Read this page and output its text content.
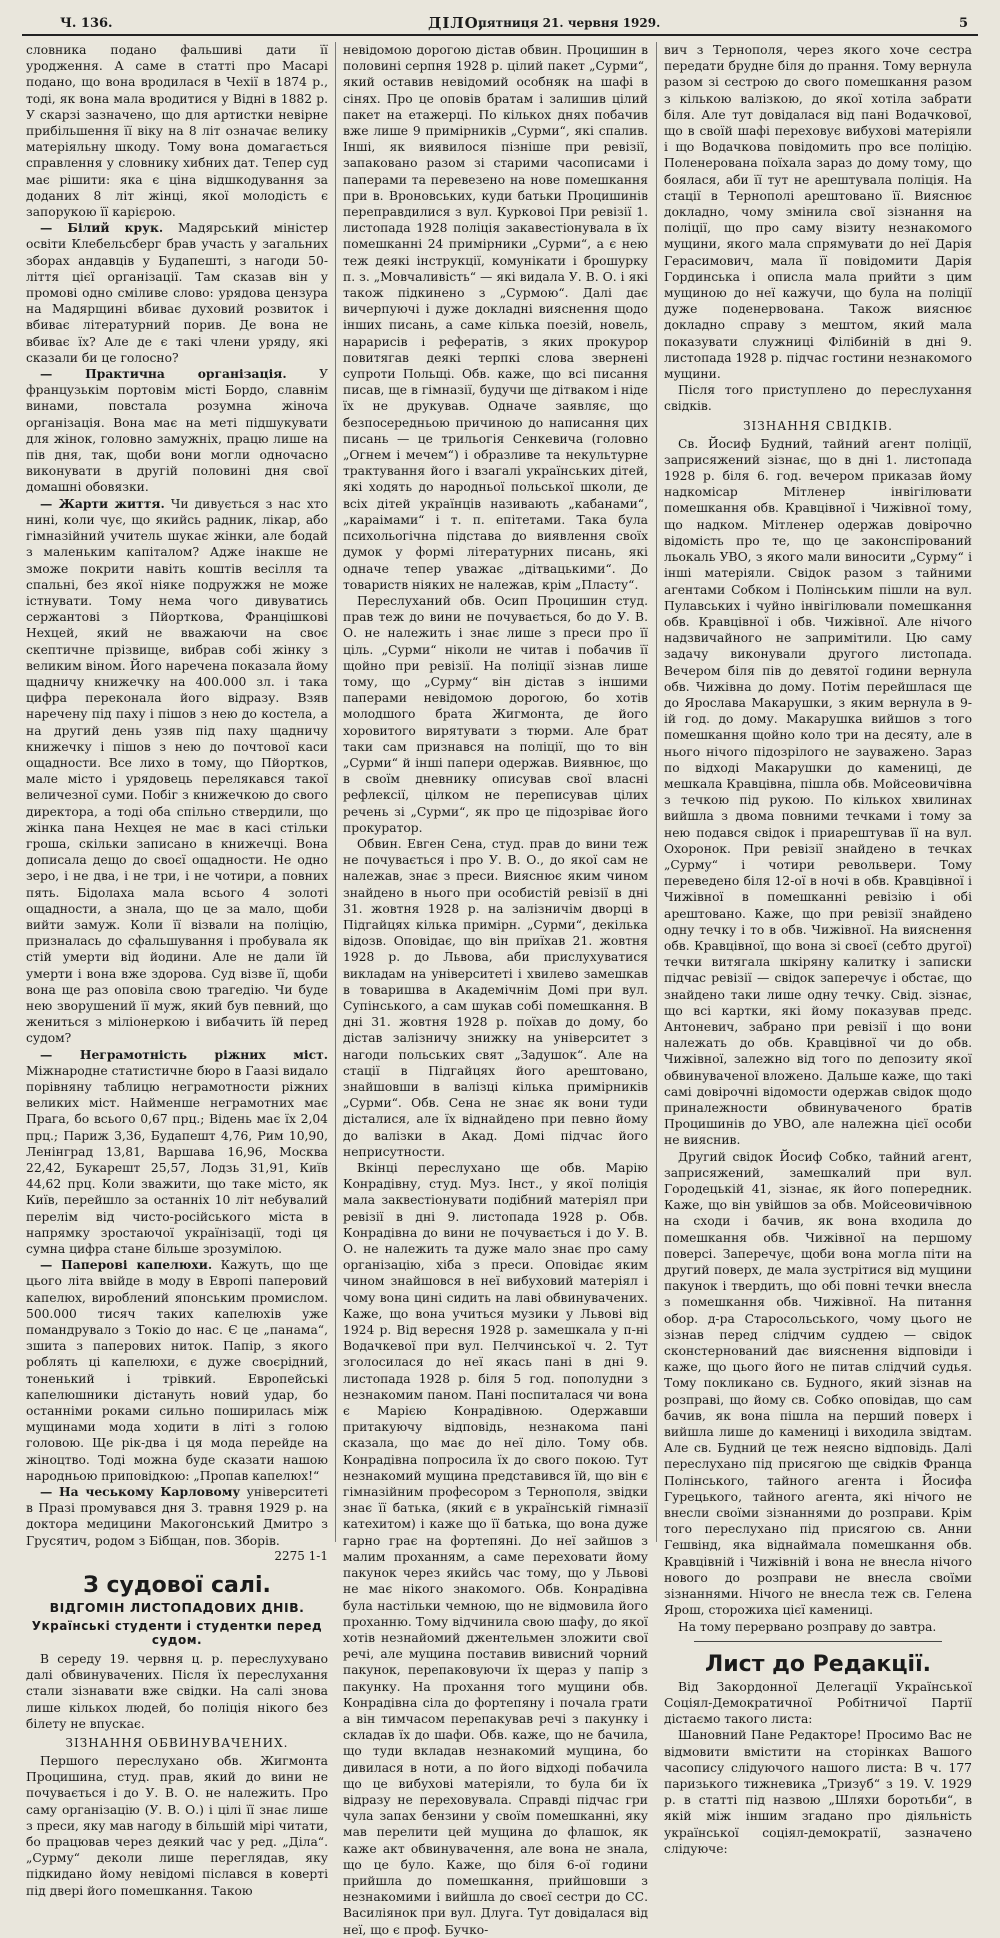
Ч. 136.	ДІЛО,
пятниця 21. червня 1929.	5

словника подано фальшиві дати її уродження. А саме в статті про Масарі подано, що вона вродилася в Чехії в 1874 р., тоді, як вона мала вродитися у Відні в 1882 р. У скарзі зазначено, що для артистки невірне прибільшення її віку на 8 літ означає велику матеріяльну шкоду. Тому вона домагається справлення у словнику хибних дат. Тепер суд має рішити: яка є ціна відшкодування за доданих 8 літ жінці, якої молодість є запорукою її карієрою.

— Білий крук. Мадярський міністер освіти Клебельсберг брав участь у загальних зборах андавців у Будапешті, з нагоди 50-ліття цієї організації. Там сказав він у промові одно сміливе слово: урядова цензура на Мадярщині вбиває духовий розвиток і вбиває літературний порив. Де вона не вбиває їх? Але де є такі члени уряду, які сказали би це голосно?

— Практична організація.	У французькім портовім місті Бордо, славнім винами, повстала розумна жіноча організація. Вона має на меті підшукувати для жінок, головно замужніх, працю лише на пів дня, так, щоби вони могли одночасно виконувати в другій половині дня свої домашні обовязки.

— Жарти життя. Чи дивується з нас хто нині, коли чує, що якийсь радник, лікар, або гімназійний учитель шукає жінки, але бодай з маленьким капіталом? Адже інакше не зможе покрити навіть коштів весілля та спальні, без якої ніяке подружжя не може істнувати. Тому нема чого дивуватись сержантові з Пйорткова, Францішкові Нехцей, який не вважаючи на своє скептичне прізвище, вибрав собі жінку з великим віном. Його наречена показала йому щадничу книжечку на 400.000 зл. і така цифра переконала його відразу. Взяв наречену під паху і пішов з нею до костела, а на другий день узяв під паху щадничу книжечку і пішов з нею до почтової каси ощадности. Все лихо в тому, що Пйортков, мале місто і урядовець перелякався такої величезної суми. Побіг з книжечкою до свого директора, а тоді оба спільно ствердили, що жінка пана Нехцея не має в касі стільки гроша, скільки записано в книжечці. Вона дописала дещо до своєї ощадности. Не одно зеро, і не два, і не три, і не чотири, а повних пять. Бідолаха мала всього 4 золоті ощадности, а знала, що це за мало, щоби вийти замуж. Коли її візвали на поліцію, призналась до сфальшування і пробувала як стій умерти від йодини. Але не дали їй умерти і вона вже здорова. Суд візве її, щоби вона ще раз оповіла свою трагедію. Чи буде нею зворушений її муж, який був певний, що жениться з міліонеркою і вибачить їй перед судом?

— Неграмотність ріжних міст. Міжнародне статистичне бюро в Гаазі видало порівняну таблицю неграмотности ріжних великих міст. Найменше неграмотних має Прага, бо всього 0,67 прц.; Відень має їх 2,04 прц.; Париж 3,36, Будапешт 4,76, Рим 10,90, Ленінград 13,81, Варшава 16,96, Москва 22,42, Букарешт 25,57, Лодзь 31,91, Київ 44,62 прц. Коли зважити, що таке місто, як Київ, перейшло за останніх 10 літ небувалий перелім від чисто-російського міста в напрямку зростаючої українізації, тоді ця сумна цифра стане більше зрозумілою.

— Паперові капелюхи. Кажуть, що ще цього літа ввійде в моду в Европі паперовий капелюх, вироблений японським промислом. 500.000 тисяч таких капелюхів уже помандрувало з Токіо до нас. Є це „панама“, зшита з паперових ниток. Папір, з якого роблять ці капелюхи, є дуже своєрідний, тоненький і трівкий. Европейські капелюшники дістануть новий удар, бо останніми роками сильно поширилась між мущинами мода ходити в літі з голою головою. Ще рік-два і ця мода перейде на жіноцтво. Тоді можна буде сказати нашою народньою приповідкою: „Пропав капелюх!“

— На чеському Карловому університеті в Празі промувався дня 3. травня 1929 р. на доктора медицини Макогонський Дмитро з Грусятич, родом з Бібщан, пов. Зборів.

2275 1-1
З судової салі.
ВІДГОМІН ЛИСТОПАДОВИХ ДНІВ.
Українські студенти і студентки перед судом.

В середу 19. червня ц. р. переслухувано далі обвинувачених. Після їх переслухання стали зізнавати вже свідки. На салі знова лише кількох людей, бо поліція нікого без білету не впускає.

ЗІЗНАННЯ ОБВИНУВАЧЕНИХ.

Першого переслухано обв. Жигмонта Процишина, студ. прав, який до вини не почувається і до У. В. О. не належить. Про саму організацію (У. В. О.) і цілі її знає лише з преси, яку мав нагоду в більшій мірі читати, бо працював через деякий час у ред. „Діла“. „Сурму“ деколи лише переглядав, яку підкидано йому невідомі післався в коверті під двері його помешкання. Такою

невідомою дорогою дістав обвин. Процишин в половині серпня 1928 р. цілий пакет „Сурми“, який оставив невідомий особняк на шафі в сінях. Про це оповів братам і залишив цілий пакет на етажерці. По кількох днях побачив вже лише 9 примірників „Сурми“, які спалив. Інші, як виявилося пізніше при ревізії, запаковано разом зі старими часописами і паперами та перевезено на нове помешкання при в. Вроновських, куди батьки Процишинів переправдилися з вул. Курковоі При ревізії 1. листопада 1928 поліція закавестіонувала в їх помешканні 24 примірники „Сурми“, а є нею теж деякі інструкції, комунікати і брошурку п. з. „Мовчаливість“ — які видала У. В. О. і які також підкинено з „Сурмою“. Далі дає вичерпуючі і дуже докладні вияснення щодо інших писань, а саме кілька поезій, новель, нарарисів і рефератів, з яких прокурор повитягав деякі терпкі слова звернені супроти Польщі. Обв. каже, що всі писання писав, ще в гімназії, будучи ще дітваком і ніде їх не друкував. Одначе заявляє, що безпосередньою причиною до написання цих писань — це трильогія Сенкевича (головно „Огнем і мечем“) і образливе та некультурне трактування його і взагалі українських дітей, які ходять до народньої польської школи, де всіх дітей українців називають „кабанами“, „караімами“ і т. п. епітетами. Така була психольогічна підстава до виявлення своїх думок у формі літературних писань, які одначе тепер уважає „дітвацькими“. До товариств ніяких не належав, крім „Пласту“.

Переслуханий обв. Осип Процишин студ. прав теж до вини не почувається, бо до У. В. О. не належить і знає лише з преси про її ціль. „Сурми“ ніколи не читав і побачив її щойно при ревізії. На поліції зізнав лише тому, що „Сурму“ він дістав з іншими паперами невідомою дорогою, бо хотів молодшого брата Жигмонта, де його хоровитого вирятувати з тюрми. Але брат таки сам признався на поліції, що то він „Сурми“ й інші папери одержав. Виявнює, що в своїм дневнику описував свої власні рефлексії, цілком не переписував цілих речень зі „Сурми“, як про це підозріває його прокуратор.

Обвин. Евген Сена, студ. прав до вини теж не почувається і про У. В. О., до якої сам не належав, знає з преси. Вияснює яким чином знайдено в нього при особистій ревізії в дні 31. жовтня 1928 р. на залізничім дворці в Підгайцях кілька примірн. „Сурми“, декілька відозв. Оповідає, що він приїхав 21. жовтня 1928 р. до Львова, аби прислухуватися викладам на університеті і хвилево замешкав в товаришва в Академічнім Домі при вул. Супінського, а сам шукав собі помешкання. В дні 31. жовтня 1928 р. поїхав до дому, бо дістав залізничу знижку на університет з нагоди польських свят „Задушок“. Але на стації в Підгайцях його арештовано, знайшовши в валізці кілька примірників „Сурми“. Обв. Сена не знає як вони туди дісталися, але їх віднайдено при певно йому до валізки в Акад. Домі підчас його неприсутности.

Вкінці переслухано ще обв. Марію Конрадівну, студ. Муз. Інст., у якої поліція мала заквестіонувати подібний матеріял при ревізії в дні 9. листопада 1928 р. Обв. Конрадівна до вини не почувається і до У. В. О. не належить та дуже мало знає про саму організацію, хіба з преси. Оповідає яким чином знайшовся в неї вибуховий матеріял і чому вона цині сидить на лаві обвинувачених. Каже, що вона учиться музики у Львові від 1924 р. Від вересня 1928 р. замешкала у п-ні Водачкевої при вул. Пелчинської ч. 2. Тут зголосилася до неї якась пані в дні 9. листопада 1928 р. біля 5 год. пополудни з незнакомим паном. Пані поспиталася чи вона є Марією Конрадівною. Одержавши притакуючу відповідь, незнакома пані сказала, що має до неї діло. Тому обв. Конрадівна попросила їх до свого покою. Тут незнакомий мущина представився їй, що він є гімназійним професором з Тернополя, звідки знає її батька, (який є в українській гімназії катехитом) і каже що її батька, що вона дуже гарно грає на фортепяні. До неї зайшов з малим проханням, а саме переховати йому пакунок через якийсь час тому, що у Львові не має нікого знакомого. Обв. Конрадівна була настільки чемною, що не відмовила його проханню. Тому відчинила свою шафу, до якої хотів незнайомий джентельмен зложити свої речі, але мущина поставив вивисний чорний пакунок, перепаковуючи їх щераз у папір з пакунку. На прохання того мущини обв. Конрадівна сіла до фортепяну і почала грати а він тимчасом перепакував речі з пакунку і складав їх до шафи. Обв. каже, що не бачила, що туди вкладав незнакомий мущина, бо дивилася в ноти, а по його відході побачила що це вибухові матеріяли, то була би їх відразу не переховувала. Справді підчас гри чула запах бензини у своїм помешканні, яку мав перелити цей мущина до флашок, як каже акт обвинувачення, але вона не знала, що це було. Каже, що біля 6-ої години прийшла до помешкання, прийшовши з незнакомими і вийшла до своєї сестри до СС. Василіянок при вул. Длуга. Тут довідалася від неї, що є проф. Бучко-

вич з Тернополя, через якого хоче сестра передати брудне біля до прання. Тому вернула разом зі сестрою до свого помешкання разом з кількою валізкою, до якої хотіла забрати біля. Але тут довідалася від пані Водачкової, що в своїй шафі переховує вибухові матеріяли і що Водачкова повідомить про все поліцію. Поленерована поїхала зараз до дому тому, що боялася, аби її тут не арештувала поліція. На стації в Тернополі арештовано її. Вияснює докладно, чому змінила свої зізнання на поліції, що про саму візиту незнакомого мущини, якого мала спрямувати до неї Дарія Герасимович, мала її повідомити Дарія Гординська і описла мала прийти з цим мущиною до неї кажучи, що була на поліції дуже поденервована. Також вияснює докладно справу з мештом, який мала показувати служниці Філібиній в дні 9. листопада 1928 р. підчас гостини незнакомого мущини.

Після того приступлено до переслухання свідків.

ЗІЗНАННЯ СВІДКІВ.

Св. Йосиф Будний, тайний агент поліції, заприсяжений зізнає, що в дні 1. листопада 1928 р. біля 6. год. вечером приказав йому надкомісар Мітленер інвігілювати помешкання обв. Кравцівної і Чижівної тому, що надком. Мітленер одержав довірочно відомість про те, що це законспірований льокаль УВО, з якого мали виносити „Сурму“ і інші матеріяли. Свідок разом з тайними агентами Собком і Полінським пішли на вул. Пулавських і чуйно інвігілювали помешкання обв. Кравцівної і обв. Чижівної. Але нічого надзвичайного не запримітили. Цю саму задачу виконували другого листопада. Вечером біля пів до девятої години вернула обв. Чижівна до дому. Потім перейшлася ще до Ярослава Макарушки, з яким вернула в 9-ій год. до дому. Макарушка вийшов з того помешкання щойно коло три на десяту, але в нього нічого підозрілого не зауважено. Зараз по відході Макарушки до камениці, де мешкала Кравцівна, пішла обв. Мойсеовичівна з течкою під рукою. По кількох хвилинах вийшла з двома повними течками і тому за нею подався свідок і приарештував її на вул. Охоронок. При ревізії знайдено в течках „Сурму“ і чотири револьвери. Тому переведено біля 12-ої в ночі в обв. Кравцівної і Чижівної в помешканні ревізію і обі арештовано. Каже, що при ревізії знайдено одну течку і то в обв. Чижівної. На вияснення обв. Кравцівної, що вона зі своєї (себто другої) течки витягала шкіряну калитку і записки підчас ревізії — свідок заперечує і обстає, що знайдено таки лише одну течку. Свід. зізнає, що всі картки, які йому показував предс. Антоневич, забрано при ревізії і що вони належать до обв. Кравцівної чи до обв. Чижівної, залежно від того по депозиту якої обвинуваченої вложено. Дальше каже, що такі самі довірочні відомости одержав свідок щодо приналежности обвинуваченого братів Процишинів до УВО, але належна цієї особи не вияснив.

Другий свідок Йосиф Собко, тайний агент, заприсяжений, замешкалий при вул. Городецькій 41, зізнає, як його попередник. Каже, що він увійшов за обв. Мойсеовичівною на сходи і бачив, як вона входила до помешкання обв. Чижівної на першому поверсі. Заперечує, щоби вона могла піти на другий поверх, де мала зустрітися від мущини пакунок і твердить, що обі повні течки внесла з помешкання обв. Чижівної. На питання обор. д-ра Старосольського, чому цього не зізнав перед слідчим суддею — свідок сконстернований дає вияснення відповіди і каже, що цього його не питав слідчий судья. Тому покликано св. Будного, який зізнав на розправі, що йому св. Собко оповідав, що сам бачив, як вона пішла на перший поверх і вийшла лише до камениці і виходила звідтам. Але св. Будний це теж неясно відповідь. Далі переслухано під присягою ще свідків Франца Полінського, тайного агента і Йосифа Гурецького, тайного агента, які нічого не внесли своїми зізнаннями до розправи. Крім того переслухано під присягою св. Анни Гешвінд, яка віднаймала помешкання обв. Кравцівній і Чижівній і вона не внесла нічого нового до розправи не внесла своїми зізнаннями. Нічого не внесла теж св. Гелена Ярош, сторожиха цієї камениці.

На тому перервано розправу до завтра.

Лист до Редакції.

Від Закордонної Делегації Української Соціял-Демократичної Робітничої Партії дістаємо такого листа:

Шановний Пане Редакторе! Просимо Вас не відмовити вмістити на сторінках Вашого часопису слідуючого нашого листа: В ч. 177 паризького тижневика „Тризуб“ з 19. V. 1929 р. в статті під назвою „Шляхи боротьби“, в якій між іншим згадано про діяльність української соціял-демократії, зазначено слідуюче:
